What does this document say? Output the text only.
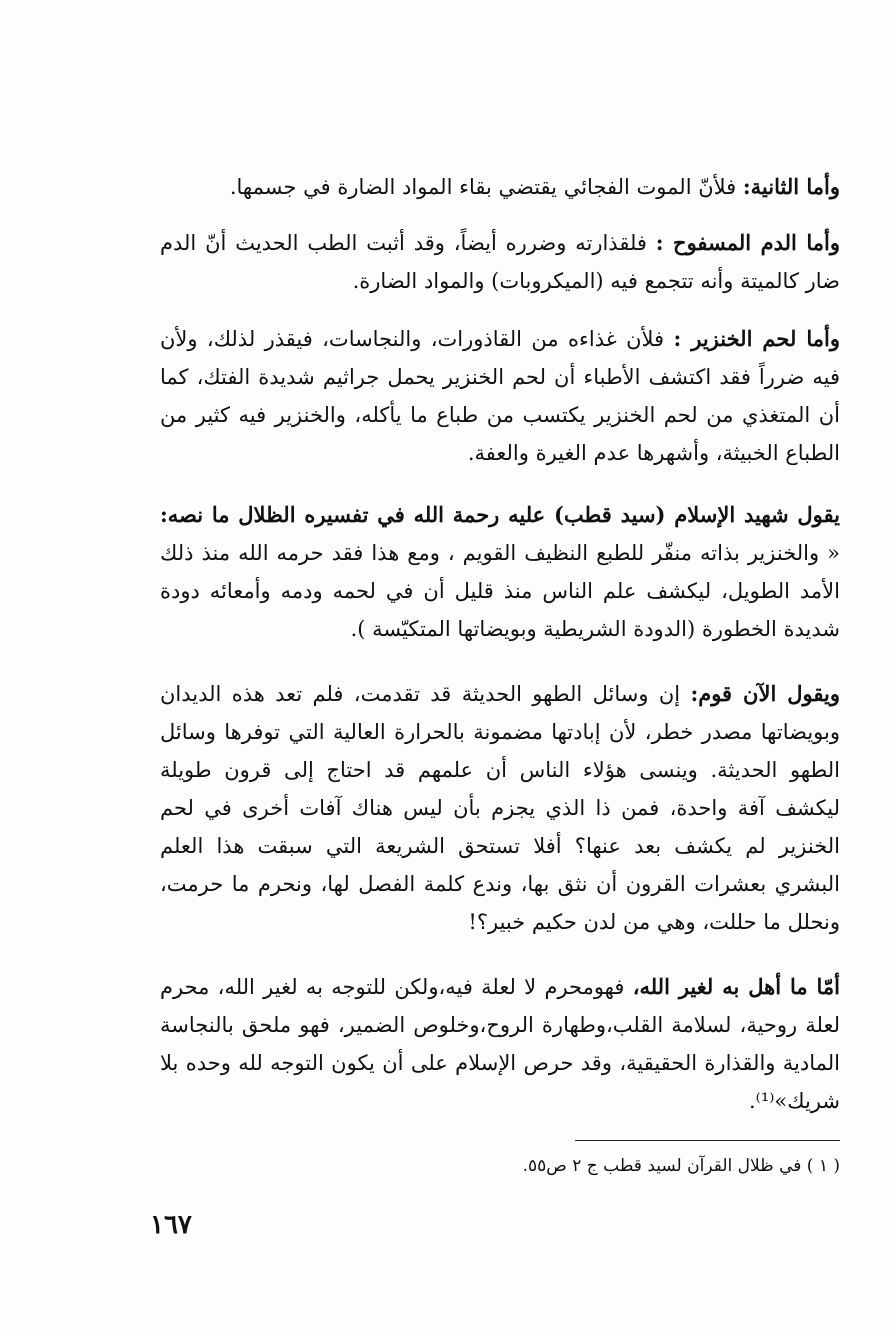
وأما الثانية: فلأنّ الموت الفجائي يقتضي بقاء المواد الضارة في جسمها.

وأما الدم المسفوح : فلقذارته وضرره أيضاً، وقد أثبت الطب الحديث أنّ الدم ضار كالميتة وأنه تتجمع فيه (الميكروبات) والمواد الضارة.

وأما لحم الخنزير : فلأن غذاءه من القاذورات، والنجاسات، فيقذر لذلك، ولأن فيه ضرراً فقد اكتشف الأطباء أن لحم الخنزير يحمل جراثيم شديدة الفتك، كما أن المتغذي من لحم الخنزير يكتسب من طباع ما يأكله، والخنزير فيه كثير من الطباع الخبيثة، وأشهرها عدم الغيرة والعفة.

يقول شهيد الإسلام (سيد قطب) عليه رحمة الله في تفسيره الظلال ما نصه: « والخنزير بذاته منفّر للطبع النظيف القويم ، ومع هذا فقد حرمه الله منذ ذلك الأمد الطويل، ليكشف علم الناس منذ قليل أن في لحمه ودمه وأمعائه دودة شديدة الخطورة (الدودة الشريطية وبويضاتها المتكيّسة ).

ويقول الآن قوم: إن وسائل الطهو الحديثة قد تقدمت، فلم تعد هذه الديدان وبويضاتها مصدر خطر، لأن إبادتها مضمونة بالحرارة العالية التي توفرها وسائل الطهو الحديثة. وينسى هؤلاء الناس أن علمهم قد احتاج إلى قرون طويلة ليكشف آفة واحدة، فمن ذا الذي يجزم بأن ليس هناك آفات أخرى في لحم الخنزير لم يكشف بعد عنها؟ أفلا تستحق الشريعة التي سبقت هذا العلم البشري بعشرات القرون أن نثق بها، وندع كلمة الفصل لها، ونحرم ما حرمت، ونحلل ما حللت، وهي من لدن حكيم خبير؟!

أمّا ما أهل به لغير الله، فهومحرم لا لعلة فيه،ولكن للتوجه به لغير الله، محرم لعلة روحية، لسلامة القلب،وطهارة الروح،وخلوص الضمير، فهو ملحق بالنجاسة المادية والقذارة الحقيقية، وقد حرص الإسلام على أن يكون التوجه لله وحده بلا شريك»⁽¹⁾.

( ١ ) في ظلال القرآن لسيد قطب ج ٢ ص٥٥.
١٦٧
